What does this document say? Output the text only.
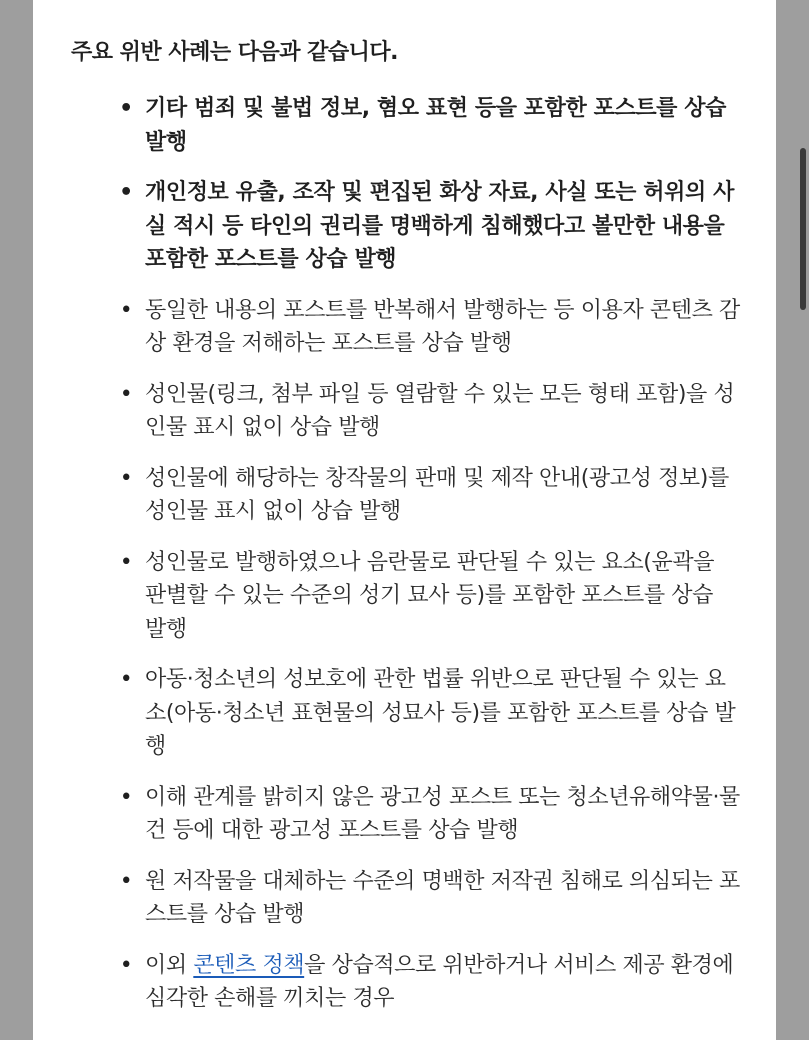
주요 위반 사례는 다음과 같습니다.

• 기타 범죄 및 불법 정보, 혐오 표현 등을 포함한 포스트를 상습 발행
• 개인정보 유출, 조작 및 편집된 화상 자료, 사실 또는 허위의 사실 적시 등 타인의 권리를 명백하게 침해했다고 볼만한 내용을 포함한 포스트를 상습 발행
• 동일한 내용의 포스트를 반복해서 발행하는 등 이용자 콘텐츠 감상 환경을 저해하는 포스트를 상습 발행
• 성인물(링크, 첨부 파일 등 열람할 수 있는 모든 형태 포함)을 성인물 표시 없이 상습 발행
• 성인물에 해당하는 창작물의 판매 및 제작 안내(광고성 정보)를 성인물 표시 없이 상습 발행
• 성인물로 발행하였으나 음란물로 판단될 수 있는 요소(윤곽을 판별할 수 있는 수준의 성기 묘사 등)를 포함한 포스트를 상습 발행
• 아동·청소년의 성보호에 관한 법률 위반으로 판단될 수 있는 요소(아동·청소년 표현물의 성묘사 등)를 포함한 포스트를 상습 발행
• 이해 관계를 밝히지 않은 광고성 포스트 또는 청소년유해약물·물건 등에 대한 광고성 포스트를 상습 발행
• 원 저작물을 대체하는 수준의 명백한 저작권 침해로 의심되는 포스트를 상습 발행
• 이외 콘텐츠 정책을 상습적으로 위반하거나 서비스 제공 환경에 심각한 손해를 끼치는 경우
